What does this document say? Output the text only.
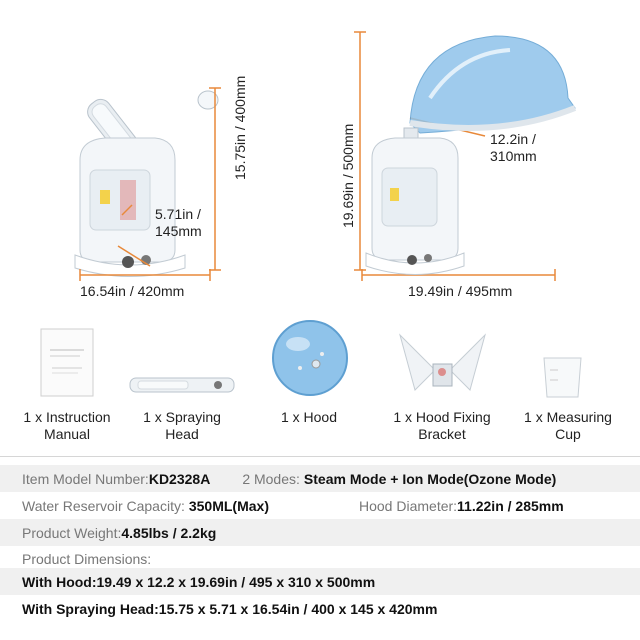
15.75in / 400mm
5.71in /
145mm
16.54in / 420mm
19.69in / 500mm	12.2in /
310mm
19.49in / 495mm
1 x Instruction
Manual
1 x Spraying
Head
1 x Hood	1 x Hood Fixing
Bracket
1 x Measuring
Cup
Item Model Number: KD2328A 2 Modes: Steam Mode + Ion Mode(Ozone Mode)
Water Reservoir Capacity: 350ML(Max)	Hood Diameter: 11.22in / 285mm
Product Weight: 4.85lbs / 2.2kg
Product Dimensions:
With Hood: 19.49 x 12.2 x 19.69in / 495 x 310 x 500mm
With Spraying Head: 15.75 x 5.71 x 16.54in / 400 x 145 x 420mm
